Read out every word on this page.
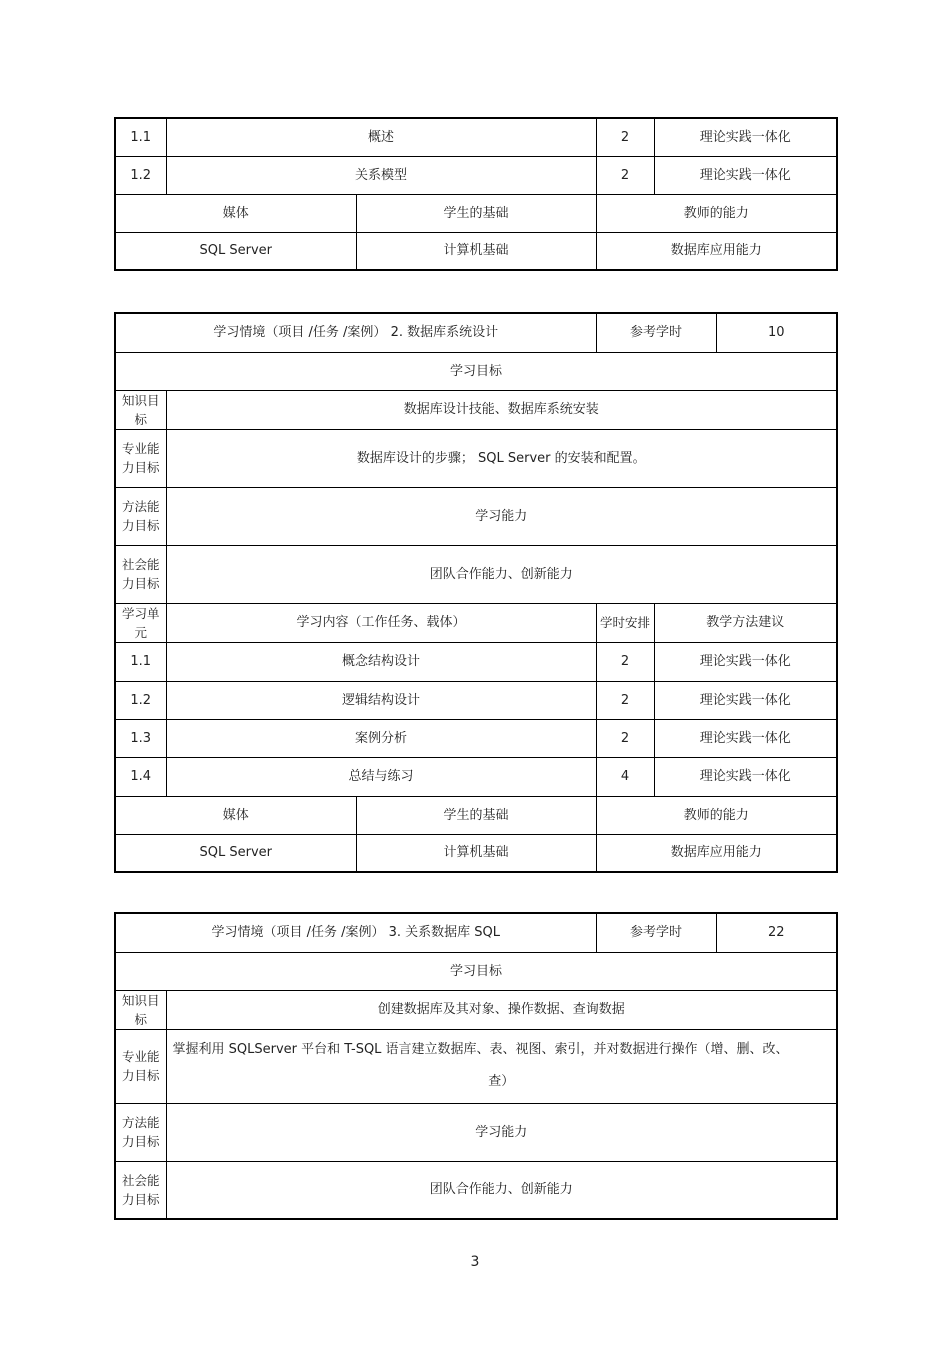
1.1	概述		2	理论实践一体化
1.2	关系模型		2	理论实践一体化
媒体		学生的基础	教师的能力	
SQL Server		计算机基础	数据库应用能力	
学习情境（项目 /任务 /案例） 2. 数据库系统设计			参考学时		10
学习目标					
知识目标	数据库设计技能、数据库系统安装				
专业能力目标	数据库设计的步骤； SQL Server 的安装和配置。				
方法能力目标	学习能力				
社会能力目标	团队合作能力、创新能力				
学习单元	学习内容（工作任务、载体）		学时安排	教学方法建议	
1.1	概念结构设计		2	理论实践一体化	
1.2	逻辑结构设计		2	理论实践一体化	
1.3	案例分析		2	理论实践一体化	
1.4	总结与练习		4	理论实践一体化	
媒体		学生的基础	教师的能力		
SQL Server		计算机基础	数据库应用能力		
学习情境（项目 /任务 /案例） 3. 关系数据库 SQL		参考学时	22
学习目标			
知识目标	创建数据库及其对象、操作数据、查询数据		
专业能力目标	掌握利用 SQLServer 平台和 T-SQL 语言建立数据库、表、视图、索引，并对数据进行操作（增、删、改、
查）		

方法能力目标	学习能力		
社会能力目标	团队合作能力、创新能力		
3
